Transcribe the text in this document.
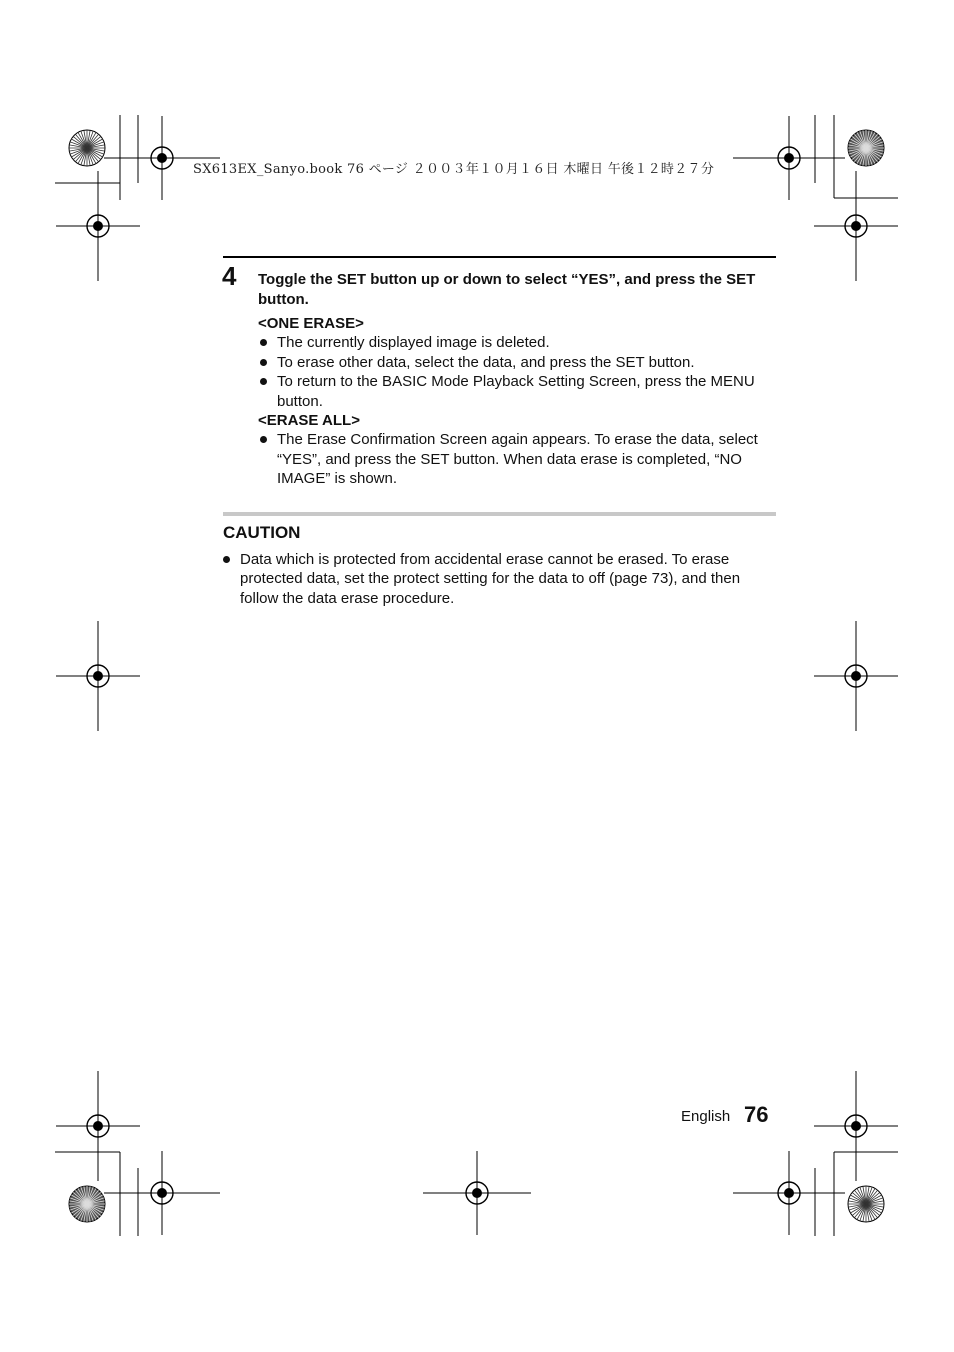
SX613EX_Sanyo.book 76 ページ ２００３年１０月１６日 木曜日 午後１２時２７分
4 Toggle the SET button up or down to select “YES”, and press the SET button.

<ONE ERASE>

The currently displayed image is deleted.
To erase other data, select the data, and press the SET button.
To return to the BASIC Mode Playback Setting Screen, press the MENU button.

<ERASE ALL>

The Erase Confirmation Screen again appears. To erase the data, select “YES”, and press the SET button. When data erase is completed, “NO IMAGE” is shown.
CAUTION
Data which is protected from accidental erase cannot be erased. To erase protected data, set the protect setting for the data to off (page 73), and then follow the data erase procedure.
English 76
